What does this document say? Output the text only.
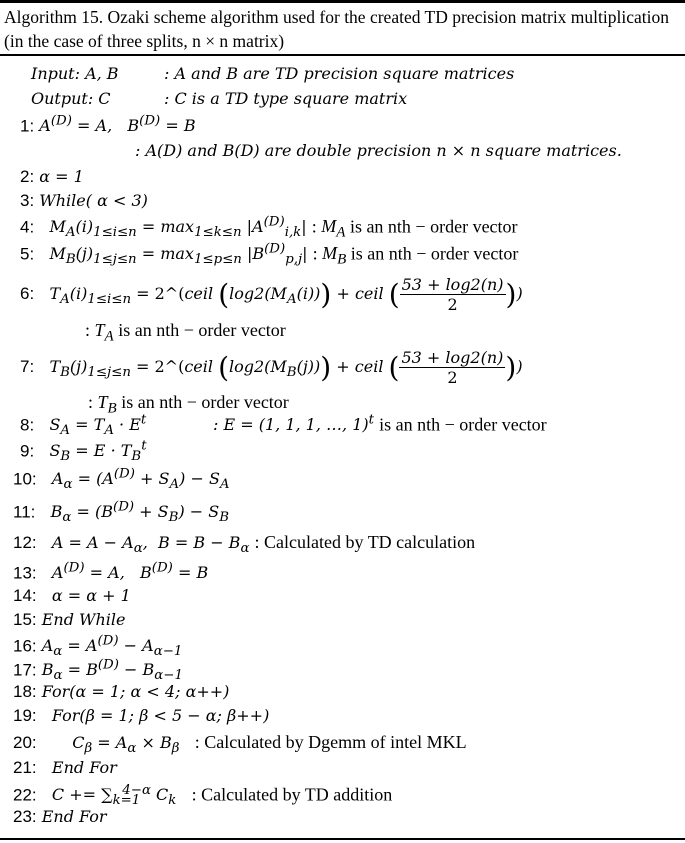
Algorithm 15. Ozaki scheme algorithm used for the created TD precision matrix multiplication (in the case of three splits, n × n matrix)
Input: A, B	: A and B are TD precision square matrices
Output: C	: C is a TD type square matrix
1: $A^{(D)} = A$,   $B^{(D)} = B$
: A(D) and B(D) are double precision n × n square matrices.
2: α = 1
3: While( α < 3)
4: $M_A(i)_{1\le i\le n} = \max_{1\le k\le n} |A^{(D)}_{i,k}|$ : $M_A$ is an nth − order vector
5: $M_B(j)_{1\le j\le n} = \max_{1\le p\le n} |B^{(D)}_{p,j}|$ : $M_B$ is an nth − order vector
6: $T_A(i)_{1\le i\le n}$ = 2^(ceil $(\log 2(M_A(i)))$ + ceil ( $\frac{53 + \log 2(n)}{2}$ ))
: $T_A$ is an nth − order vector
7: $T_B(j)_{1\le j\le n}$ = 2^(ceil $(\log 2(M_B(j)))$ + ceil ( $\frac{53 + \log 2(n)}{2}$ ))
: $T_B$ is an nth − order vector
8: $S_A = T_A \cdot E^t$	: E = (1, 1, 1, …, 1)$^t$ is an nth − order vector
9: $S_B = E \cdot T_B^t$
10: $A_\alpha = (A^{(D)} + S_A) - S_A$
11: $B_\alpha = (B^{(D)} + S_B) - S_B$
12: $A = A - A_\alpha$,  $B = B - B_\alpha$ : Calculated by TD calculation
13: $A^{(D)} = A$,   $B^{(D)} = B$
14: α = α + 1
15: End While
16: $A_\alpha = A^{(D)} - A_{\alpha-1}$
17: $B_\alpha = B^{(D)} - B_{\alpha-1}$
18: For(α = 1; α < 4; α++)
19: For(β = 1; β < 5 − α; β++)
20: $C_\beta = A_\alpha \times B_\beta$ : Calculated by Dgemm of intel MKL
21: End For
22: $C += \sum_{k=1}^{4-\alpha}$ $C_k$ : Calculated by TD addition
23: End For
